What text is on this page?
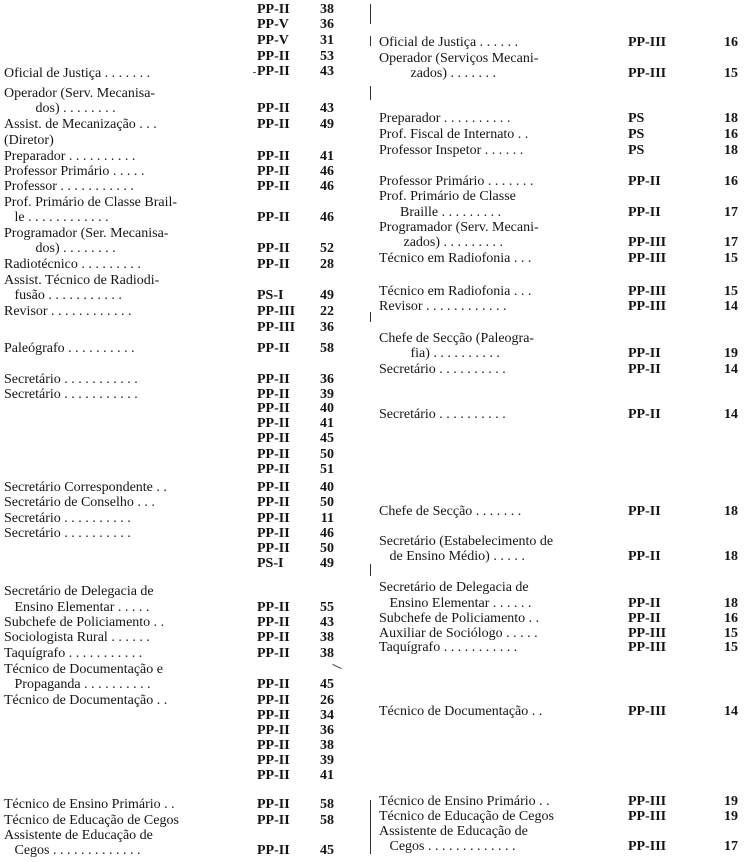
Oficial de Justiça . . . . . . .
Operador (Serv. Mecanisa-
dos) . . . . . . . .
Assist. de Mecanização . . .
(Diretor)
Preparador . . . . . . . . . .
Professor Primário . . . . .
Professor . . . . . . . . . . .
Prof. Primário de Classe Brail-
le . . . . . . . . . . . .
Programador (Ser. Mecanisa-
dos) . . . . . . . .
Radiotécnico . . . . . . . . .
Assist. Técnico de Radiodi-
fusão . . . . . . . . . . .
Revisor . . . . . . . . . . . .
Paleógrafo . . . . . . . . . .
Secretário . . . . . . . . . . .
Secretário . . . . . . . . . . .
Secretário Correspondente . .
Secretário de Conselho . . .
Secretário . . . . . . . . . .
Secretário . . . . . . . . . .
Secretário de Delegacia de
Ensino Elementar . . . . .
Subchefe de Policiamento . .
Sociologista Rural . . . . . .
Taquígrafo . . . . . . . . . . .
Técnico de Documentação e
Propaganda . . . . . . . . . .
Técnico de Documentação . .
Técnico de Ensino Primário . .
Técnico de Educação de Cegos
Assistente de Educação de
Cegos . . . . . . . . . . . . .
PP-II
PP-V
PP-V
PP-II
PP-II
PP-II
PP-II
PP-II
PP-II
PP-II
PP-II
PP-II
PP-II
PS-I
PP-III
PP-III
PP-II
PP-II
PP-II
PP-II
PP-II
PP-II
PP-II
PP-II
PP-II
PP-II
PP-II
PP-II
PP-II
PS-I
PP-II
PP-II
PP-II
PP-II
PP-II
PP-II
PP-II
PP-II
PP-II
PP-II
PP-II
PP-II
PP-II
PP-II
38
36
31
53
43
43
49
41
46
46
46
52
28
49
22
36
58
36
39
40
41
45
50
51
40
50
11
46
50
49
55
43
38
38
45
26
34
36
38
39
41
58
58
45
Oficial de Justiça . . . . . .
Operador (Serviços Mecani-
zados) . . . . . . .
Preparador . . . . . . . . . .
Prof. Fiscal de Internato . .
Professor Inspetor . . . . . .
Professor Primário . . . . . . .
Prof. Primário de Classe
Braille . . . . . . . . .
Programador (Serv. Mecani-
zados) . . . . . . . . .
Técnico em Radiofonia . . .
Técnico em Radiofonia . . .
Revisor . . . . . . . . . . . .
Chefe de Secção (Paleogra-
fia) . . . . . . . . . .
Secretário . . . . . . . . . .
Secretário . . . . . . . . . .
Chefe de Secção . . . . . . .
Secretário (Estabelecimento de
de Ensino Médio) . . . . .
Secretário de Delegacia de
Ensino Elementar . . . . . .
Subchefe de Policiamento . .
Auxiliar de Sociólogo . . . . .
Taquígrafo . . . . . . . . . . .
Técnico de Documentação . .
Técnico de Ensino Primário . .
Técnico de Educação de Cegos
Assistente de Educação de
Cegos . . . . . . . . . . . . .
PP-III
PP-III
PS
PS
PS
PP-II
PP-II
PP-III
PP-III
PP-III
PP-III
PP-II
PP-II
PP-II
PP-II
PP-II
PP-II
PP-II
PP-III
PP-III
PP-III
PP-III
PP-III
PP-III
16
15
18
16
18
16
17
17
15
15
14
19
14
14
18
18
18
16
15
15
14
19
19
17
